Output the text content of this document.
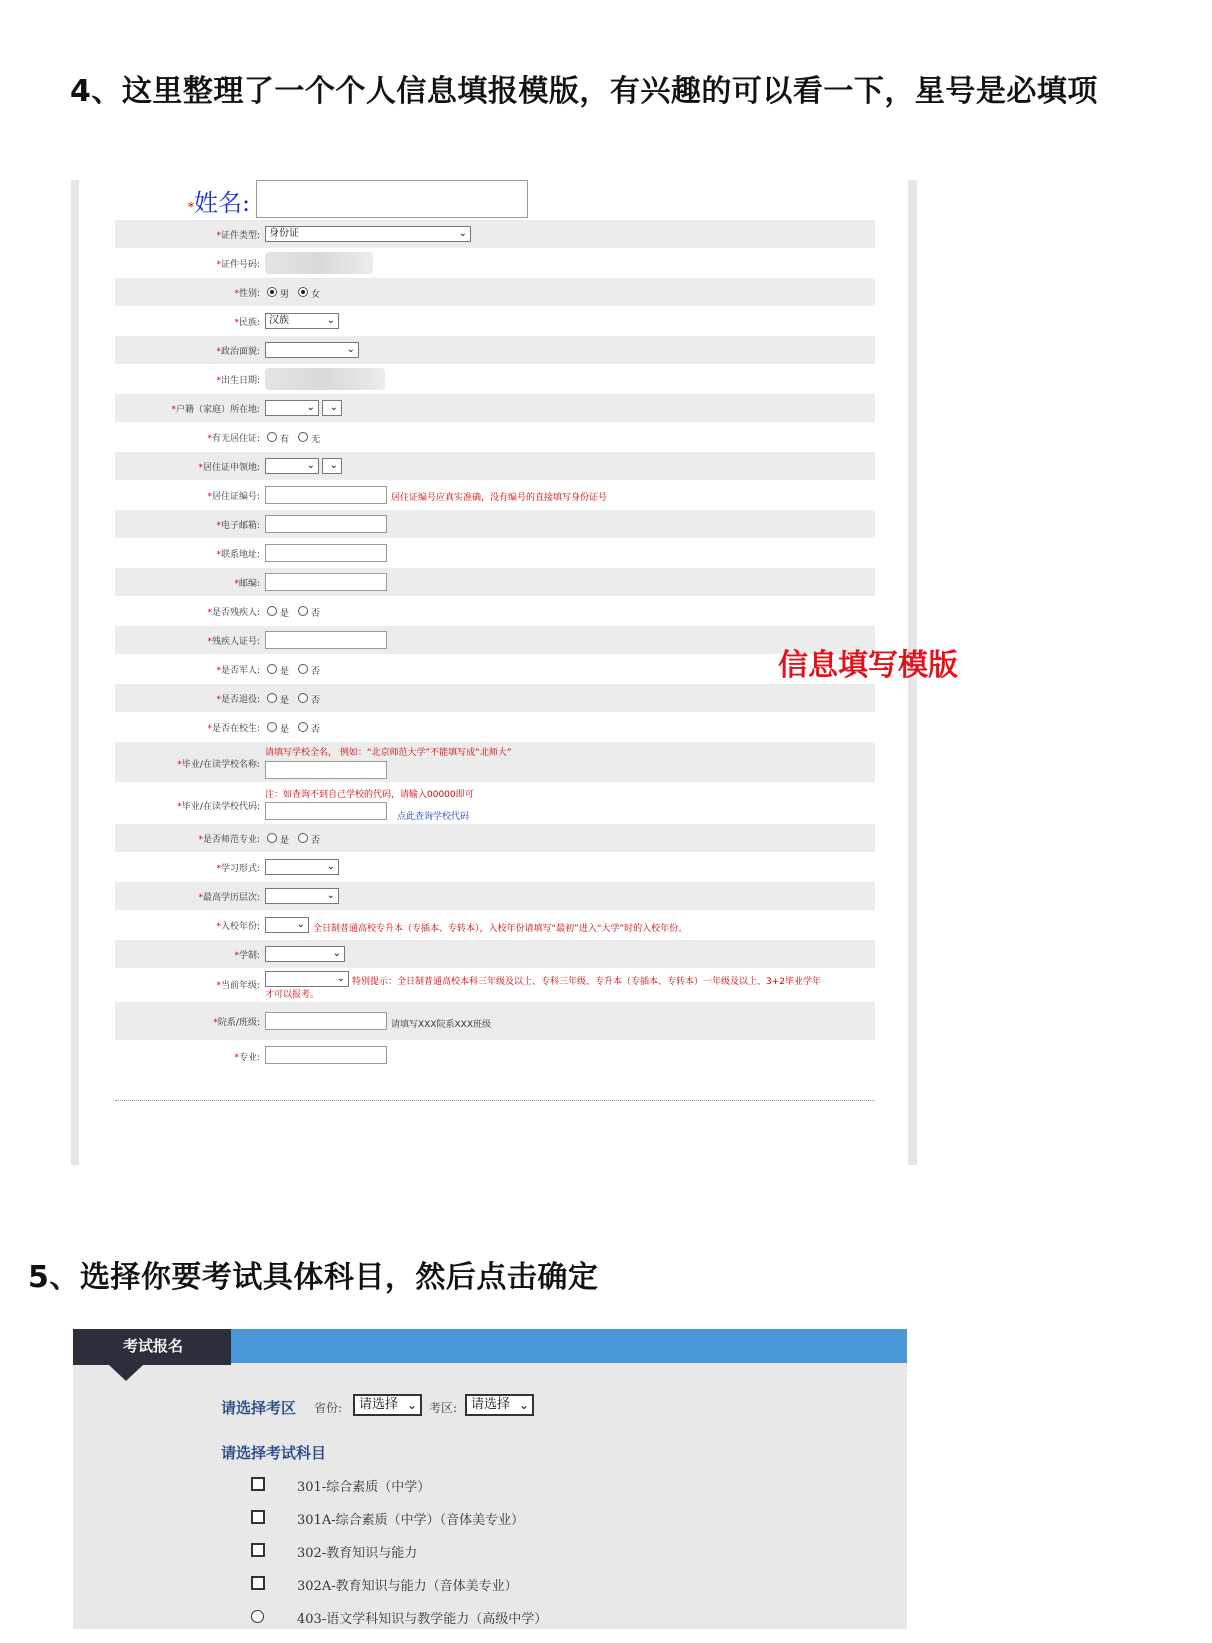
4、这里整理了一个个人信息填报模版，有兴趣的可以看一下，星号是必填项
*姓名:
*证件类型: 身份证	⌄
*证件号码:
*性别: 男 女
*民族: 汉族	⌄
*政治面貌:	⌄
*出生日期:
*户籍（家庭）所在地:	⌄ ⌄
*有无居住证: 有 无
*居住证申领地:	⌄ ⌄
*居住证编号:	居住证编号应真实准确，没有编号的直接填写身份证号
*电子邮箱:
*联系地址:
*邮编:
*是否残疾人: 是 否
*残疾人证号:
*是否军人: 是 否
*是否退役: 是 否
*是否在校生: 是 否
*毕业/在读学校名称:
请填写学校全名， 例如：“北京师范大学”不能填写成“北师大”
*毕业/在读学校代码:
注：如查询不到自己学校的代码，请输入00000即可
点此查询学校代码
*是否师范专业: 是 否
*学习形式:	⌄
*最高学历层次:	⌄
*入校年份:	⌄ 全日制普通高校专升本（专插本、专转本），入校年份请填写“最初”进入“大学”时的入校年份。
*学制:	⌄
*当前年级:
⌄ 特别提示：全日制普通高校本科三年级及以上、专科三年级、专升本（专插本、专转本）一年级及以上、3+2毕业学年
才可以报考。
*院系/班级:	请填写XXX院系XXX班级
*专业:
信息填写模版
5、选择你要考试具体科目，然后点击确定
考试报名
请选择考区 省份:	请选择 ⌄ 考区:	请选择 ⌄
请选择考试科目
301-综合素质（中学）
301A-综合素质（中学）（音体美专业）
302-教育知识与能力
302A-教育知识与能力（音体美专业）
403-语文学科知识与教学能力（高级中学）
